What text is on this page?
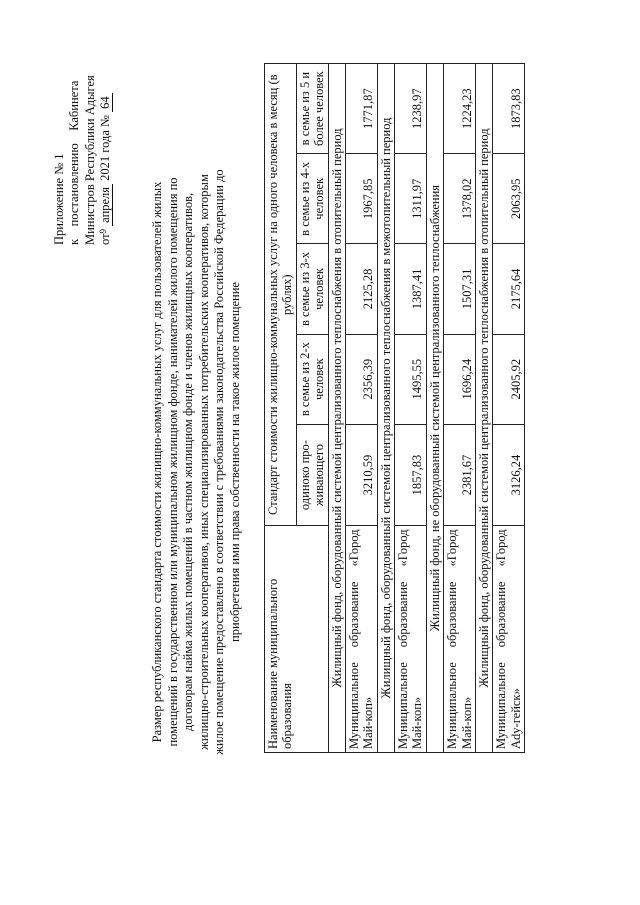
Приложение № 1 к    постановлению    Кабинета Министров Республики Адыгея $от^9$ апреля 2021 года № 64
Размер республиканского стандарта стоимости жилищно-коммунальных услуг для пользователей жилых помещений в государственном или муниципальном жилищном фонде, нанимателей жилого помещения по договорам найма жилых помещений в частном жилищном фонде и членов жилищных кооперативов, жилищно-строительных кооперативов, иных специализированных потребительских кооперативов, которым жилое помещение предоставлено в соответствии с требованиями законодательства Российской Федерации до приобретения ими права собственности на такое жилое помещение
Наименование муниципального образования	Стандарт стоимости жилищно-коммунальных услуг на одного человека в месяц (в рублях)				
	одиноко про-живающего	в семье из 2-х человек	в семье из 3-х человек	в семье из 4-х человек	в семье из 5 и более человек
Жилищный фонд, оборудованный системой централизованного теплоснабжения в отопительный период					
Муниципальное образование «Город Май-коп»	3210,59	2356,39	2125,28	1967,85	1771,87
Жилищный фонд, оборудованный системой централизованного теплоснабжения в межотопительный период					
Муниципальное образование «Город Май-коп»	1857,83	1495,55	1387,41	1311,97	1238,97
Жилищный фонд, не оборудованный системой централизованного теплоснабжения					
Муниципальное образование «Город Май-коп»	2381,67	1696,24	1507,31	1378,02	1224,23
Жилищный фонд, оборудованный системой централизованного теплоснабжения в отопительный период					
Муниципальное образование «Город Ady-гейск»	3126,24	2405,92	2175,64	2063,95	1873,83
